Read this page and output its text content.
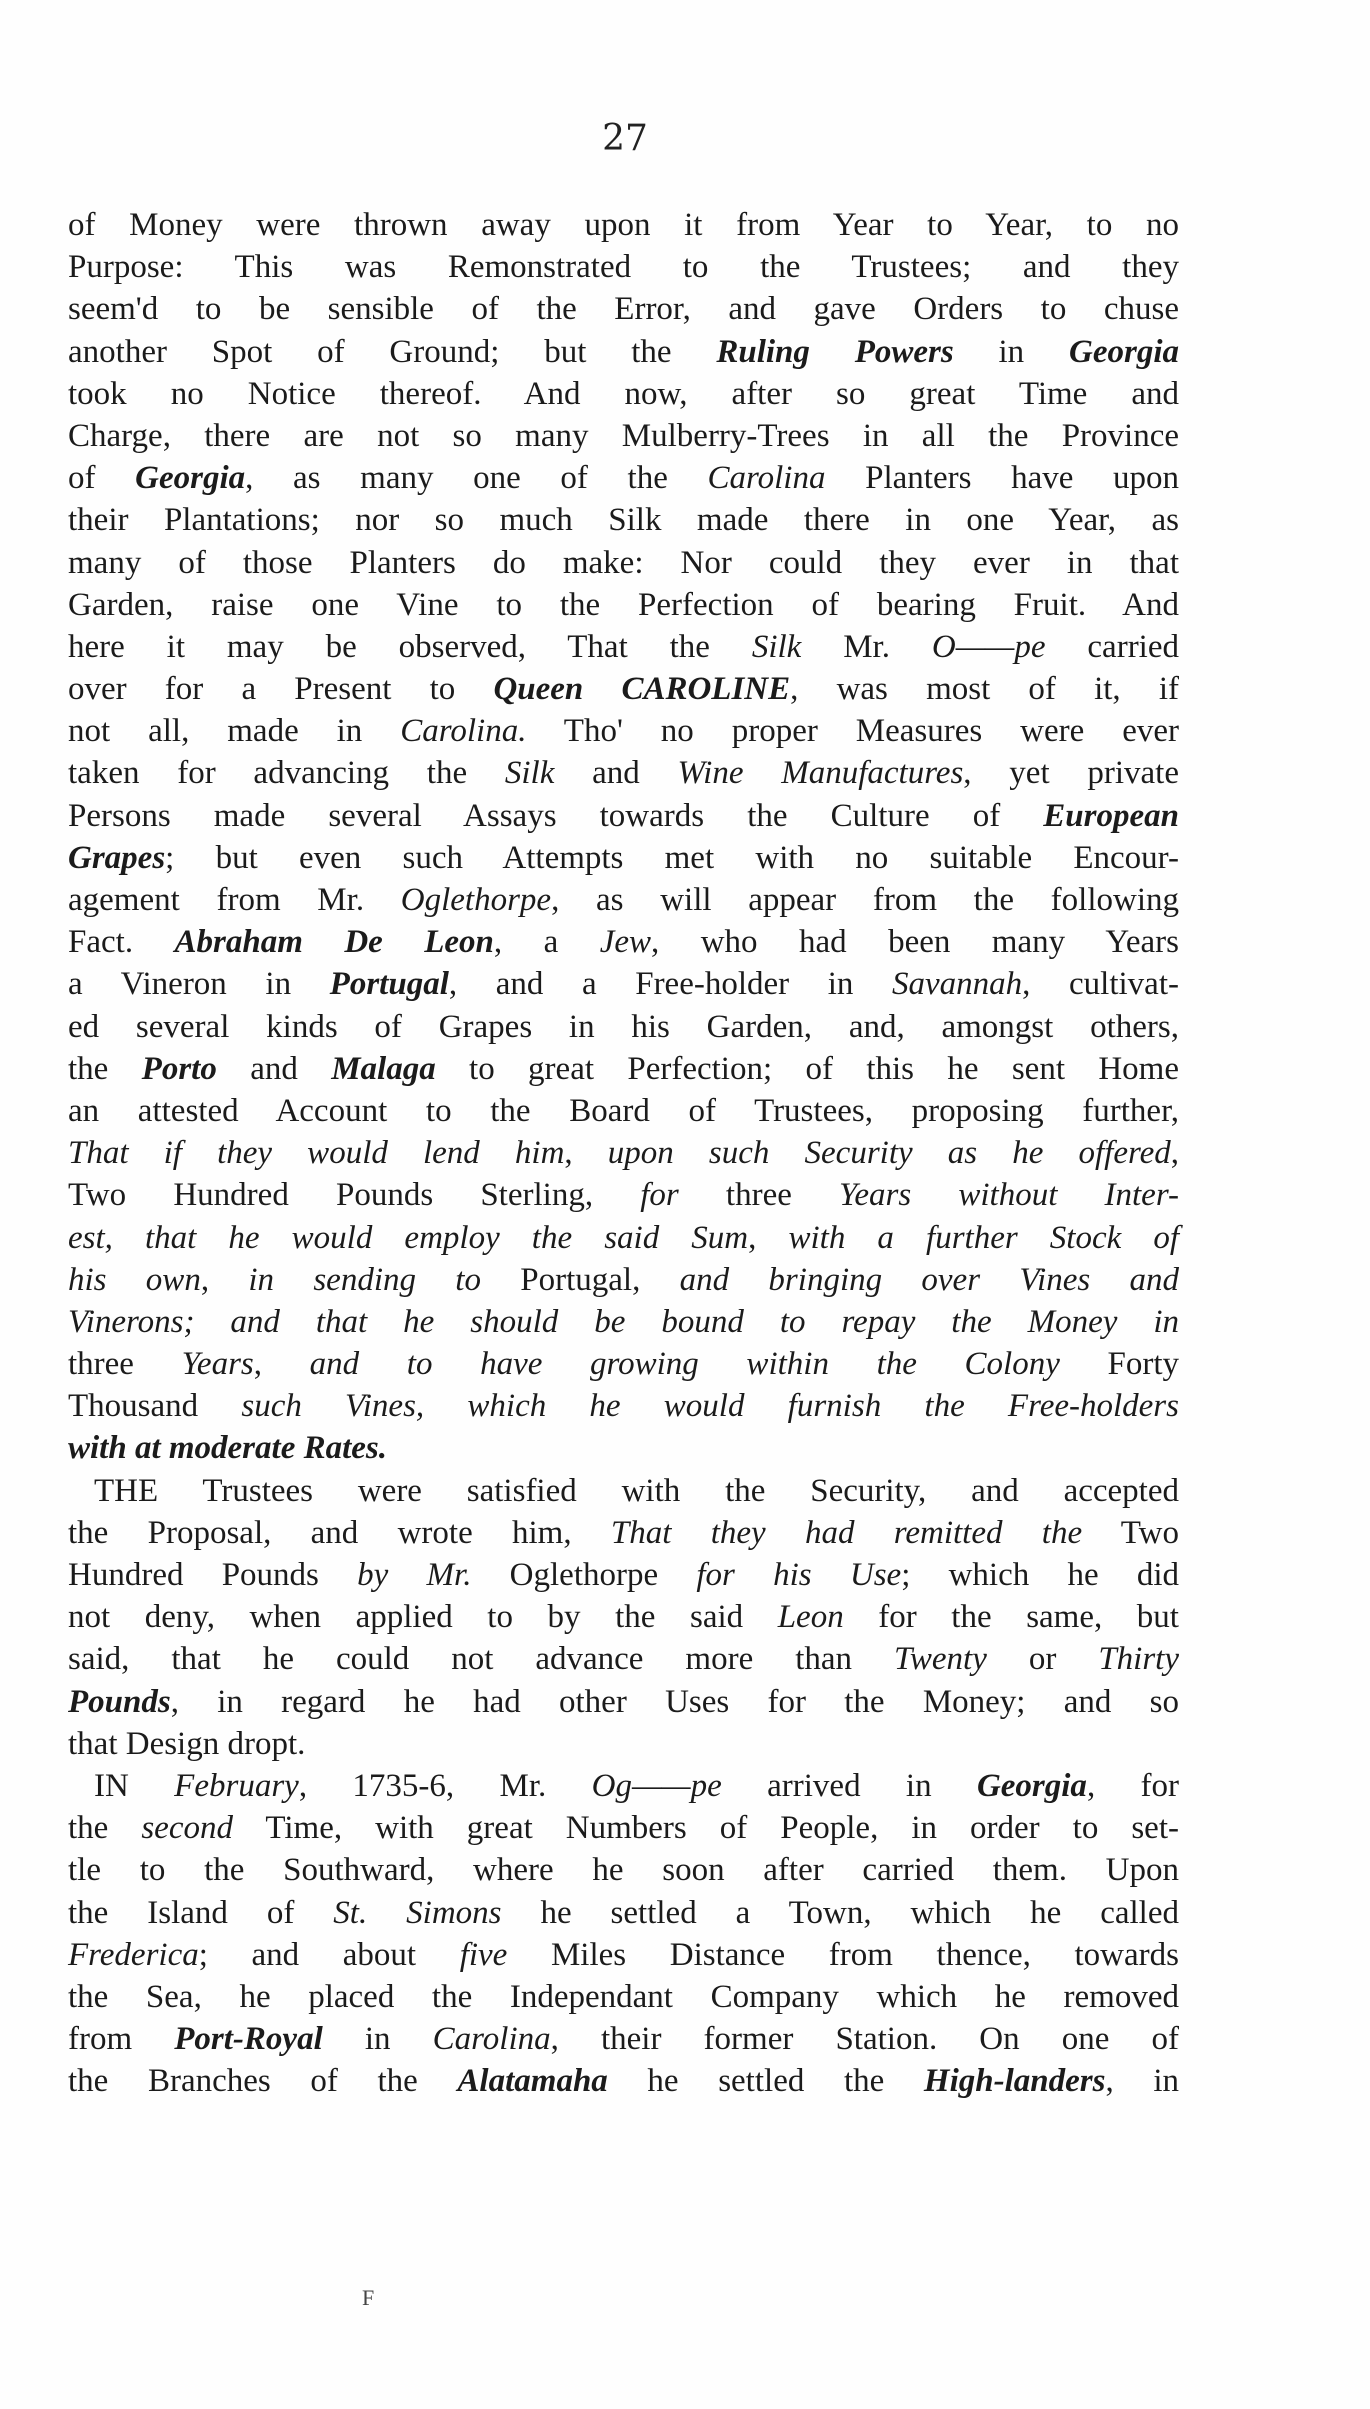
27
of Money were thrown away upon it from Year to Year, to no
Purpose: This was Remonstrated to the Trustees; and they
seem'd to be sensible of the Error, and gave Orders to chuse
another Spot of Ground; but the Ruling Powers in Georgia
took no Notice thereof. And now, after so great Time and
Charge, there are not so many Mulberry-Trees in all the Province
of Georgia, as many one of the Carolina Planters have upon
their Plantations; nor so much Silk made there in one Year, as
many of those Planters do make: Nor could they ever in that
Garden, raise one Vine to the Perfection of bearing Fruit. And
here it may be observed, That the Silk Mr. O——pe carried
over for a Present to Queen CAROLINE, was most of it, if
not all, made in Carolina. Tho' no proper Measures were ever
taken for advancing the Silk and Wine Manufactures, yet private
Persons made several Assays towards the Culture of European
Grapes; but even such Attempts met with no suitable Encour-
agement from Mr. Oglethorpe, as will appear from the following
Fact. Abraham De Leon, a Jew, who had been many Years
a Vineron in Portugal, and a Free-holder in Savannah, cultivat-
ed several kinds of Grapes in his Garden, and, amongst others,
the Porto and Malaga to great Perfection; of this he sent Home
an attested Account to the Board of Trustees, proposing further,
That if they would lend him, upon such Security as he offered,
Two Hundred Pounds Sterling, for three Years without Inter-
est, that he would employ the said Sum, with a further Stock of
his own, in sending to Portugal, and bringing over Vines and
Vinerons; and that he should be bound to repay the Money in
three Years, and to have growing within the Colony Forty
Thousand such Vines, which he would furnish the Free-holders
with at moderate Rates.
THE Trustees were satisfied with the Security, and accepted
the Proposal, and wrote him, That they had remitted the Two
Hundred Pounds by Mr. Oglethorpe for his Use; which he did
not deny, when applied to by the said Leon for the same, but
said, that he could not advance more than Twenty or Thirty
Pounds, in regard he had other Uses for the Money; and so
that Design dropt.
IN February, 1735-6, Mr. Og——pe arrived in Georgia, for
the second Time, with great Numbers of People, in order to set-
tle to the Southward, where he soon after carried them. Upon
the Island of St. Simons he settled a Town, which he called
Frederica; and about five Miles Distance from thence, towards
the Sea, he placed the Independant Company which he removed
from Port-Royal in Carolina, their former Station. On one of
the Branches of the Alatamaha he settled the High-landers, in
F
